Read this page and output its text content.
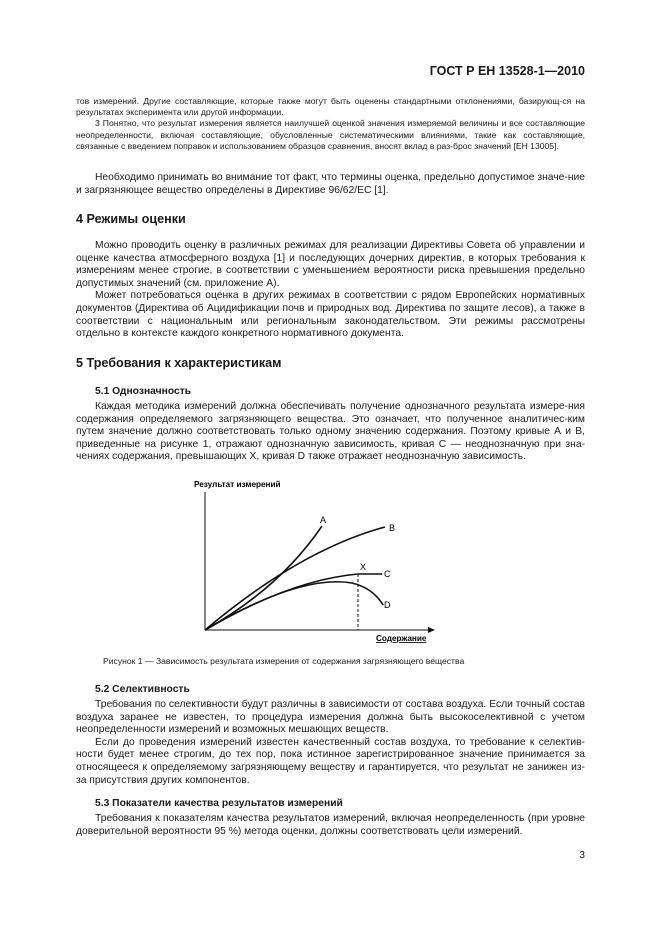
ГОСТ Р ЕН 13528-1—2010

тов измерений. Другие составляющие, которые также могут быть оценены стандартными отклонениями, базирующ-ся на результатах эксперимента или другой информации.

3 Понятно, что результат измерения является наилучшей оценкой значения измеряемой величины и все составляющие неопределенности, включая составляющие, обусловленные систематическими влияниями, такие как составляющие, связанные с введением поправок и использованием образцов сравнения, вносят вклад в раз-брос значений [ЕН 13005].

Необходимо принимать во внимание тот факт, что термины оценка, предельно допустимое значе-ние и загрязняющее вещество определены в Директиве 96/62/ЕС [1].

4 Режимы оценки

Можно проводить оценку в различных режимах для реализации Директивы Совета об управлении и оценке качества атмосферного воздуха [1] и последующих дочерних директив, в которых требования к измерениям менее строгие, в соответствии с уменьшением вероятности риска превышения предельно допустимых значений (см. приложение А).

Может потребоваться оценка в других режимах в соответствии с рядом Европейских нормативных документов (Директива об Ацидификации почв и природных вод. Директива по защите лесов), а также в соответствии с национальным или региональным законодательством. Эти режимы рассмотрены отдельно в контексте каждого конкретного нормативного документа.

5 Требования к характеристикам

5.1 Однозначность

Каждая методика измерений должна обеспечивать получение однозначного результата измере-ния содержания определяемого загрязняющего вещества. Это означает, что полученное аналитичес-ким путем значение должно соответствовать только одному значению содержания. Поэтому кривые А и В, приведенные на рисунке 1, отражают однозначную зависимость, кривая С — неоднозначную при зна-чениях содержания, превышающих X, кривая D также отражает неоднозначную зависимость.

Результат измерений
A
B
X
C
D
Содержание
Рисунок 1 — Зависимость результата измерения от содержания загрязняющего вещества

5.2 Селективность

Требования по селективности будут различны в зависимости от состава воздуха. Если точный состав воздуха заранее не известен, то процедура измерения должна быть высокоселективной с учетом неопределенности измерений и возможных мешающих веществ.

Если до проведения измерений известен качественный состав воздуха, то требование к селектив-ности будет менее строгим, до тех пор, пока истинное зарегистрированное значение принимается за относящееся к определяемому загрязняющему веществу и гарантируется, что результат не занижен из-за присутствия других компонентов.

5.3 Показатели качества результатов измерений

Требования к показателям качества результатов измерений, включая неопределенность (при уровне доверительной вероятности 95 %) метода оценки, должны соответствовать цели измерений.

3
